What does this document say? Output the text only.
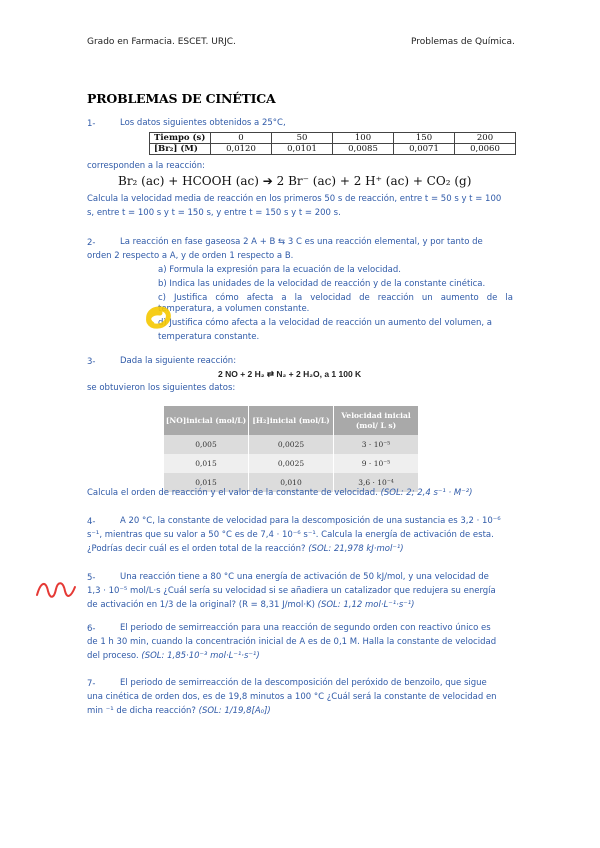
Grado en Farmacia. ESCET. URJC.	Problemas de Química.
PROBLEMAS DE CINÉTICA
1-	Los datos siguientes obtenidos a 25°C,
Tiempo (s)	0	50	100	150	200
[Br₂] (M)	0,0120	0,0101	0,0085	0,0071	0,0060
corresponden a la reacción:
Br₂ (ac) + HCOOH (ac) ➔ 2 Br⁻ (ac) + 2 H⁺ (ac) + CO₂ (g)
Calcula la velocidad media de reacción en los primeros 50 s de reacción, entre t = 50 s y t = 100
s, entre t = 100 s y t = 150 s, y entre t = 150 s y t = 200 s.
2-	La reacción en fase gaseosa 2 A + B ⇆ 3 C es una reacción elemental, y por tanto de
orden 2 respecto a A, y de orden 1 respecto a B.
a) Formula la expresión para la ecuación de la velocidad.
b) Indica las unidades de la velocidad de reacción y de la constante cinética.
c) Justifica cómo afecta a la velocidad de reacción un aumento de la
temperatura, a volumen constante.
d) Justifica cómo afecta a la velocidad de reacción un aumento del volumen, a
temperatura constante.
3-	Dada la siguiente reacción:
2 NO + 2 H₂ ⇄ N₂ + 2 H₂O, a 1 100 K
se obtuvieron los siguientes datos:
[NO]inicial (mol/L)	[H₂]inicial (mol/L)	Velocidad inicial (mol/ L s)
0,005	0,0025	3 · 10⁻⁵
0,015	0,0025	9 · 10⁻⁵
0,015	0,010	3,6 · 10⁻⁴
Calcula el orden de reacción y el valor de la constante de velocidad. (SOL: 2; 2,4 s⁻¹ · M⁻²)
4-	A 20 °C, la constante de velocidad para la descomposición de una sustancia es 3,2 · 10⁻⁶
s⁻¹, mientras que su valor a 50 °C es de 7,4 · 10⁻⁶ s⁻¹. Calcula la energía de activación de esta.
¿Podrías decir cuál es el orden total de la reacción? (SOL: 21,978 kJ·mol⁻¹)
5-	Una reacción tiene a 80 °C una energía de activación de 50 kJ/mol, y una velocidad de
1,3 · 10⁻⁵ mol/L·s ¿Cuál sería su velocidad si se añadiera un catalizador que redujera su energía
de activación en 1/3 de la original? (R = 8,31 J/mol·K) (SOL: 1,12 mol·L⁻¹·s⁻¹)
6-	El periodo de semirreacción para una reacción de segundo orden con reactivo único es
de 1 h 30 min, cuando la concentración inicial de A es de 0,1 M. Halla la constante de velocidad
del proceso. (SOL: 1,85·10⁻³ mol·L⁻¹·s⁻¹)
7-	El periodo de semirreacción de la descomposición del peróxido de benzoilo, que sigue
una cinética de orden dos, es de 19,8 minutos a 100 °C ¿Cuál será la constante de velocidad en
min ⁻¹ de dicha reacción? (SOL: 1/19,8[A₀])
